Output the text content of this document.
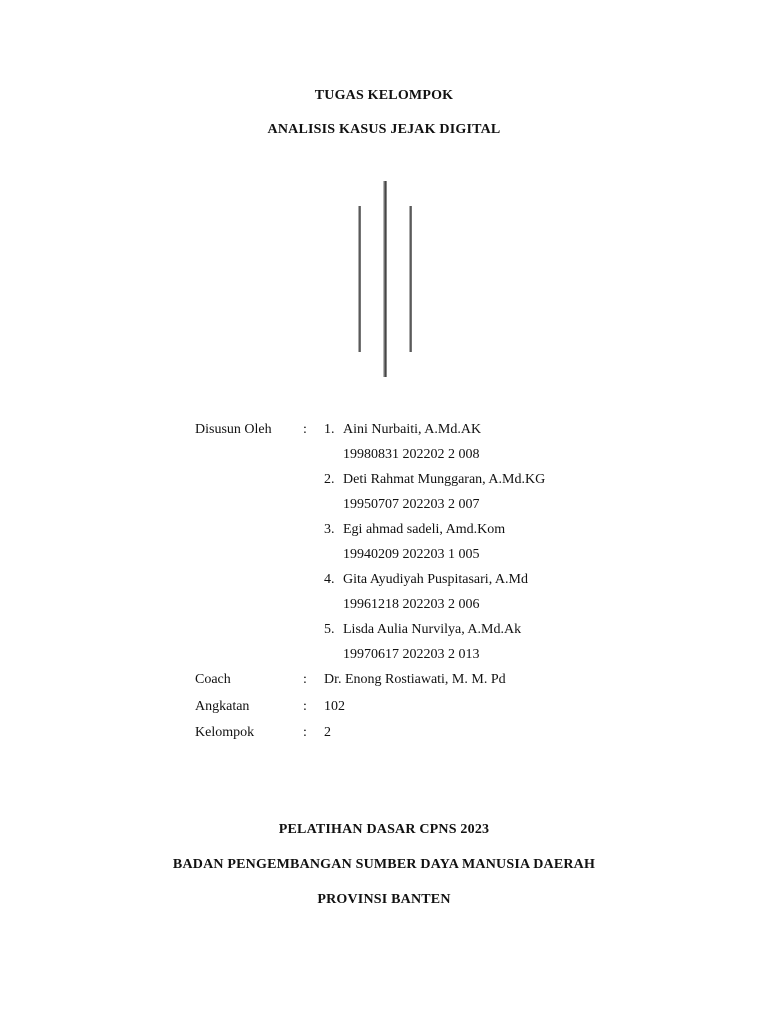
TUGAS KELOMPOK
ANALISIS KASUS JEJAK DIGITAL
Disusun Oleh : 1. Aini Nurbaiti, A.Md.AK
19980831 202202 2 008
2. Deti Rahmat Munggaran, A.Md.KG
19950707 202203 2 007
3. Egi ahmad sadeli, Amd.Kom
19940209 202203 1 005
4. Gita Ayudiyah Puspitasari, A.Md
19961218 202203 2 006
5. Lisda Aulia Nurvilya, A.Md.Ak
19970617 202203 2 013
Coach	: Dr. Enong Rostiawati, M. M. Pd
Angkatan	: 102
Kelompok	: 2
PELATIHAN DASAR CPNS 2023
BADAN PENGEMBANGAN SUMBER DAYA MANUSIA DAERAH
PROVINSI BANTEN
